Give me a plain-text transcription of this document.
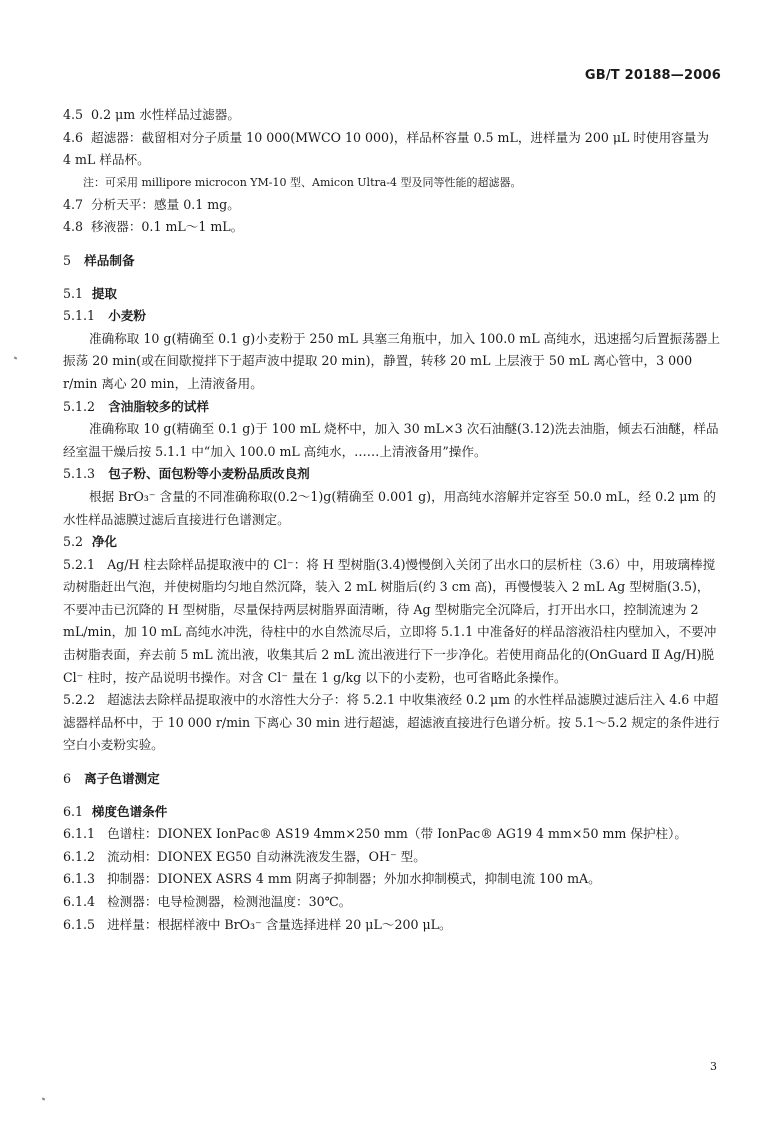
GB/T 20188—2006

4.5 0.2 μm 水性样品过滤器。

4.6 超滤器：截留相对分子质量 10 000(MWCO 10 000)，样品杯容量 0.5 mL，进样量为 200 μL 时使用容量为 4 mL 样品杯。

注：可采用 millipore microcon YM-10 型、Amicon Ultra-4 型及同等性能的超滤器。

4.7 分析天平：感量 0.1 mg。

4.8 移液器：0.1 mL～1 mL。

5 样品制备

5.1 提取

5.1.1 小麦粉

准确称取 10 g(精确至 0.1 g)小麦粉于 250 mL 具塞三角瓶中，加入 100.0 mL 高纯水，迅速摇匀后置振荡器上振荡 20 min(或在间歇搅拌下于超声波中提取 20 min)，静置，转移 20 mL 上层液于 50 mL 离心管中，3 000 r/min 离心 20 min，上清液备用。

5.1.2 含油脂较多的试样

准确称取 10 g(精确至 0.1 g)于 100 mL 烧杯中，加入 30 mL×3 次石油醚(3.12)洗去油脂，倾去石油醚，样品经室温干燥后按 5.1.1 中“加入 100.0 mL 高纯水，……上清液备用”操作。

5.1.3 包子粉、面包粉等小麦粉品质改良剂

根据 BrO₃⁻ 含量的不同准确称取(0.2～1)g(精确至 0.001 g)，用高纯水溶解并定容至 50.0 mL，经 0.2 μm 的水性样品滤膜过滤后直接进行色谱测定。

5.2 净化

5.2.1 Ag/H 柱去除样品提取液中的 Cl⁻：将 H 型树脂(3.4)慢慢倒入关闭了出水口的层析柱（3.6）中，用玻璃棒搅动树脂赶出气泡，并使树脂均匀地自然沉降，装入 2 mL 树脂后(约 3 cm 高)，再慢慢装入 2 mL Ag 型树脂(3.5)，不要冲击已沉降的 H 型树脂，尽量保持两层树脂界面清晰，待 Ag 型树脂完全沉降后，打开出水口，控制流速为 2 mL/min，加 10 mL 高纯水冲洗，待柱中的水自然流尽后，立即将 5.1.1 中准备好的样品溶液沿柱内壁加入，不要冲击树脂表面，弃去前 5 mL 流出液，收集其后 2 mL 流出液进行下一步净化。若使用商品化的(OnGuard Ⅱ Ag/H)脱 Cl⁻ 柱时，按产品说明书操作。对含 Cl⁻ 量在 1 g/kg 以下的小麦粉，也可省略此条操作。

5.2.2 超滤法去除样品提取液中的水溶性大分子：将 5.2.1 中收集液经 0.2 μm 的水性样品滤膜过滤后注入 4.6 中超滤器样品杯中，于 10 000 r/min 下离心 30 min 进行超滤，超滤液直接进行色谱分析。按 5.1～5.2 规定的条件进行空白小麦粉实验。

6 离子色谱测定

6.1 梯度色谱条件

6.1.1 色谱柱：DIONEX IonPac® AS19 4mm×250 mm（带 IonPac® AG19 4 mm×50 mm 保护柱）。

6.1.2 流动相：DIONEX EG50 自动淋洗液发生器，OH⁻ 型。

6.1.3 抑制器：DIONEX ASRS 4 mm 阴离子抑制器；外加水抑制模式，抑制电流 100 mA。

6.1.4 检测器：电导检测器，检测池温度：30℃。

6.1.5 进样量：根据样液中 BrO₃⁻ 含量选择进样 20 μL～200 μL。

3
